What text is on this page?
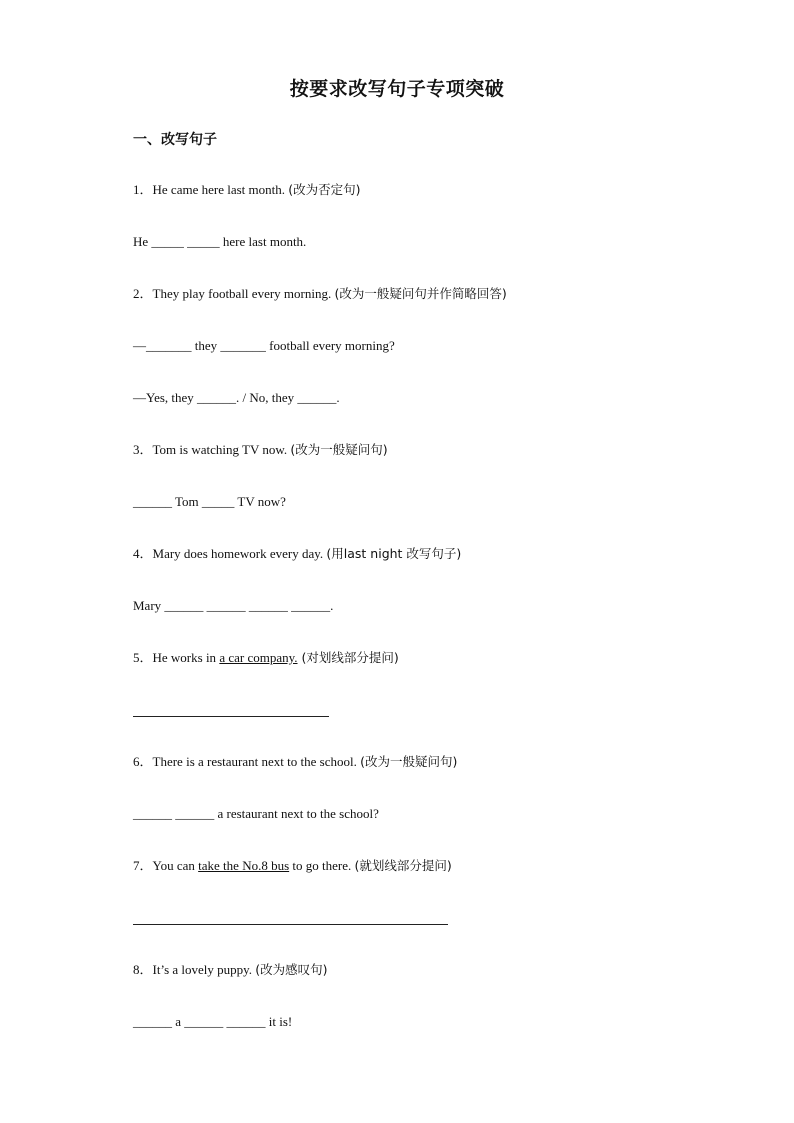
按要求改写句子专项突破
一、改写句子
1．He came here last month. (改为否定句)
He _____ _____ here last month.
2．They play football every morning. (改为一般疑问句并作简略回答)
—_______ they _______ football every morning?
—Yes, they ______. / No, they ______.
3．Tom is watching TV now. (改为一般疑问句)
______ Tom _____ TV now?
4．Mary does homework every day. (用last night 改写句子)
Mary ______ ______ ______ ______.
5．He works in a car company. (对划线部分提问)
6．There is a restaurant next to the school. (改为一般疑问句)
______ ______ a restaurant next to the school?
7．You can take the No.8 bus to go there. (就划线部分提问)
8．It’s a lovely puppy. (改为感叹句)
______ a ______ ______ it is!
